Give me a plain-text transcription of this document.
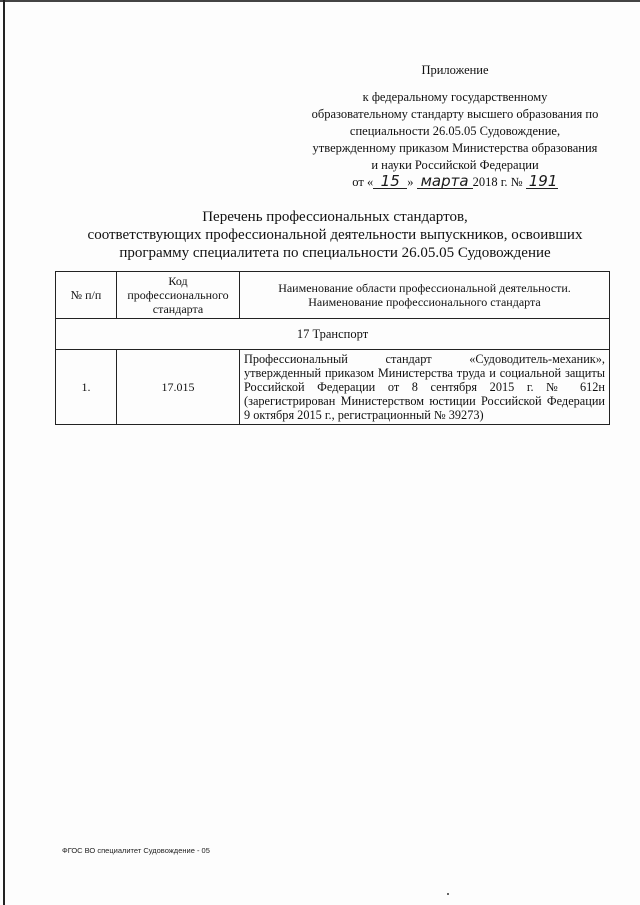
Приложение
к федеральному государственному
образовательному стандарту высшего образования по
специальности 26.05.05 Судовождение,
утвержденному приказом Министерства образования
и науки Российской Федерации
от « 15 » марта 2018 г. № 191
Перечень профессиональных стандартов,
соответствующих профессиональной деятельности выпускников, освоивших
программу специалитета по специальности 26.05.05 Судовождение
№ п/п	Код профессионального стандарта	Наименование области профессиональной деятельности. Наименование профессионального стандарта
17 Транспорт		
1.	17.015	Профессиональный стандарт «Судоводитель-механик», утвержденный приказом Министерства труда и социальной защиты Российской Федерации от 8 сентября 2015 г. № 612н (зарегистрирован Министерством юстиции Российской Федерации 9 октября 2015 г., регистрационный № 39273)
ФГОС ВО специалитет Судовождение - 05
